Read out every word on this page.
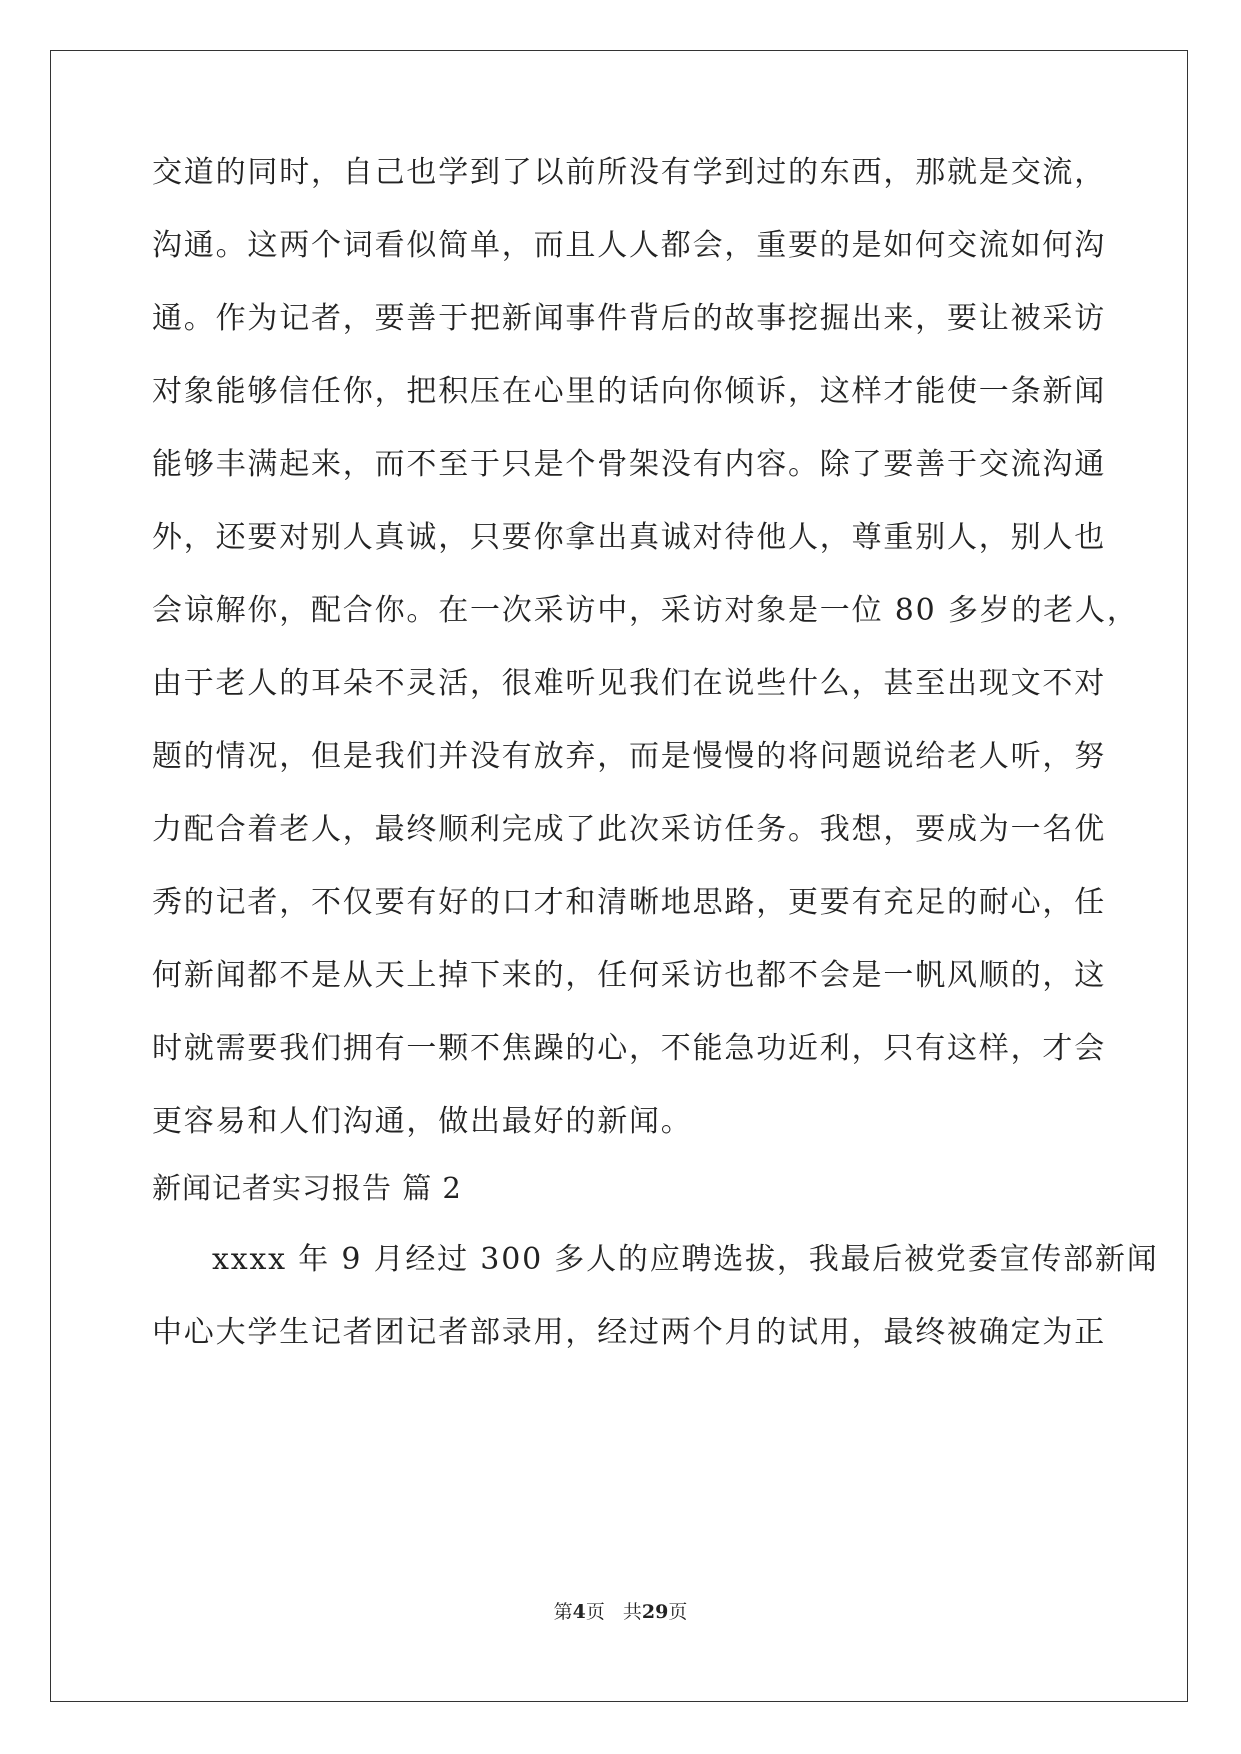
交道的同时，自己也学到了以前所没有学到过的东西，那就是交流，
沟通。这两个词看似简单，而且人人都会，重要的是如何交流如何沟
通。作为记者，要善于把新闻事件背后的故事挖掘出来，要让被采访
对象能够信任你，把积压在心里的话向你倾诉，这样才能使一条新闻
能够丰满起来，而不至于只是个骨架没有内容。除了要善于交流沟通
外，还要对别人真诚，只要你拿出真诚对待他人，尊重别人，别人也
会谅解你，配合你。在一次采访中，采访对象是一位 80 多岁的老人，
由于老人的耳朵不灵活，很难听见我们在说些什么，甚至出现文不对
题的情况，但是我们并没有放弃，而是慢慢的将问题说给老人听，努
力配合着老人，最终顺利完成了此次采访任务。我想，要成为一名优
秀的记者，不仅要有好的口才和清晰地思路，更要有充足的耐心，任
何新闻都不是从天上掉下来的，任何采访也都不会是一帆风顺的，这
时就需要我们拥有一颗不焦躁的心，不能急功近利，只有这样，才会
更容易和人们沟通，做出最好的新闻。
新闻记者实习报告 篇 2
xxxx 年 9 月经过 300 多人的应聘选拔，我最后被党委宣传部新闻
中心大学生记者团记者部录用，经过两个月的试用，最终被确定为正
第4页 共29页
